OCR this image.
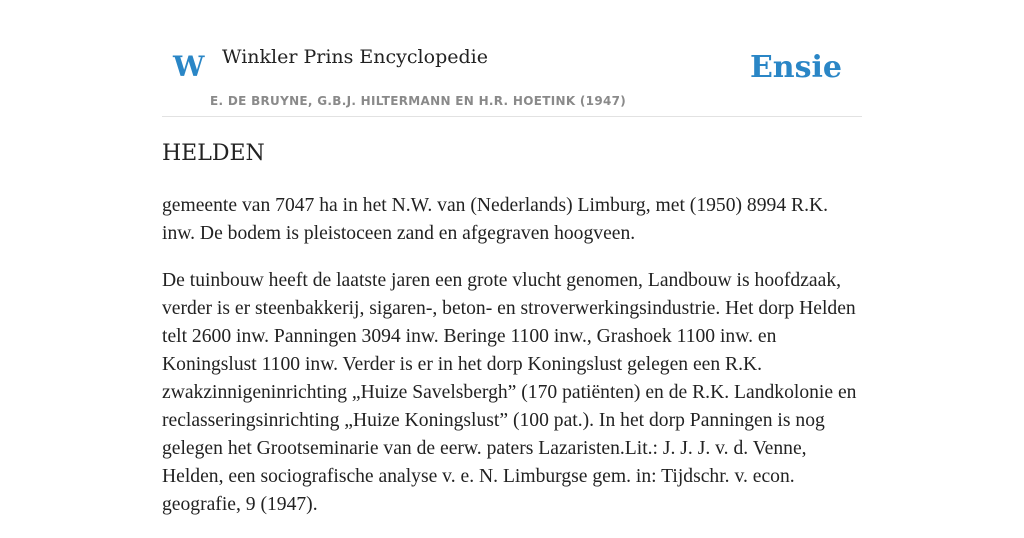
W Winkler Prins Encyclopedie
E. DE BRUYNE, G.B.J. HILTERMANN EN H.R. HOETINK (1947)
Ensie
HELDEN

gemeente van 7047 ha in het N.W. van (Nederlands) Limburg, met (1950) 8994 R.K. inw. De bodem is pleistoceen zand en afgegraven hoogveen.

De tuinbouw heeft de laatste jaren een grote vlucht genomen, Landbouw is hoofdzaak, verder is er steenbakkerij, sigaren-, beton- en stroverwerkingsindustrie. Het dorp Helden telt 2600 inw. Panningen 3094 inw. Beringe 1100 inw., Grashoek 1100 inw. en Koningslust 1100 inw. Verder is er in het dorp Koningslust gelegen een R.K. zwakzinnigeninrichting „Huize Savelsbergh” (170 patiënten) en de R.K. Landkolonie en reclasseringsinrichting „Huize Koningslust” (100 pat.). In het dorp Panningen is nog gelegen het Grootseminarie van de eerw. paters Lazaristen.Lit.: J. J. J. v. d. Venne, Helden, een sociografische analyse v. e. N. Limburgse gem. in: Tijdschr. v. econ. geografie, 9 (1947).
